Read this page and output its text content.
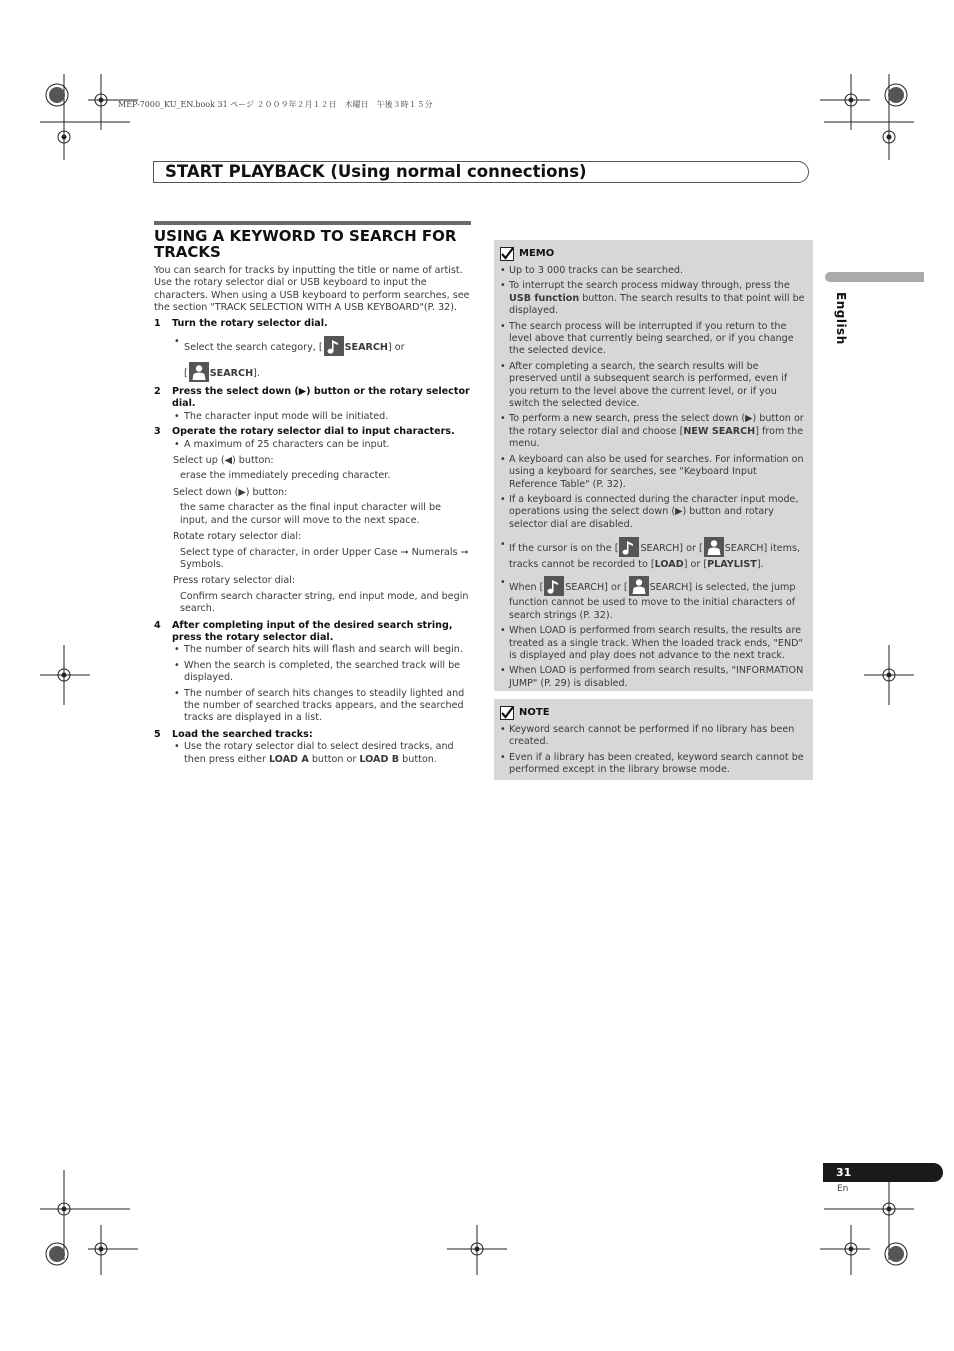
MEP-7000_KU_EN.book 31 ページ ２００９年２月１２日　木曜日　午後３時１５分
START PLAYBACK (Using normal connections)
USING A KEYWORD TO SEARCH FOR TRACKS

You can search for tracks by inputting the title or name of artist. Use the rotary selector dial or USB keyboard to input the characters. When using a USB keyboard to perform searches, see the section "TRACK SELECTION WITH A USB KEYBOARD"(P. 32).

1	Turn the rotary selector dial.
•
Select the search category, [ SEARCH] or
[ SEARCH].
2	Press the select down (▶) button or the rotary selector dial.
• The character input mode will be initiated.
3	Operate the rotary selector dial to input characters.
• A maximum of 25 characters can be input.
Select up (◀) button:
erase the immediately preceding character.
Select down (▶) button:
the same character as the final input character will be input, and the cursor will move to the next space.
Rotate rotary selector dial:
Select type of character, in order Upper Case ➞ Numerals ➞ Symbols.
Press rotary selector dial:
Confirm search character string, end input mode, and begin search.
4	After completing input of the desired search string, press the rotary selector dial.
• The number of search hits will flash and search will begin.
• When the search is completed, the searched track will be displayed.
• The number of search hits changes to steadily lighted and the number of searched tracks appears, and the searched tracks are displayed in a list.
5	Load the searched tracks:
• Use the rotary selector dial to select desired tracks, and then press either LOAD A button or LOAD B button.
MEMO
• Up to 3 000 tracks can be searched.
• To interrupt the search process midway through, press the USB function button. The search results to that point will be displayed.
• The search process will be interrupted if you return to the level above that currently being searched, or if you change the selected device.
• After completing a search, the search results will be preserved until a subsequent search is performed, even if you return to the level above the current level, or if you switch the selected device.
• To perform a new search, press the select down (▶) button or the rotary selector dial and choose [NEW SEARCH] from the menu.
• A keyboard can also be used for searches. For information on using a keyboard for searches, see "Keyboard Input Reference Table" (P. 32).
• If a keyboard is connected during the character input mode, operations using the select down (▶) button and rotary selector dial are disabled.
• If the cursor is on the [ SEARCH] or [ SEARCH] items, tracks cannot be recorded to [LOAD] or [PLAYLIST].
• When [ SEARCH] or [ SEARCH] is selected, the jump function cannot be used to move to the initial characters of search strings (P. 32).
• When LOAD is performed from search results, the results are treated as a single track. When the loaded track ends, "END" is displayed and play does not advance to the next track.
• When LOAD is performed from search results, "INFORMATION JUMP" (P. 29) is disabled.
NOTE
• Keyword search cannot be performed if no library has been created.
• Even if a library has been created, keyword search cannot be performed except in the library browse mode.
English
31
En
